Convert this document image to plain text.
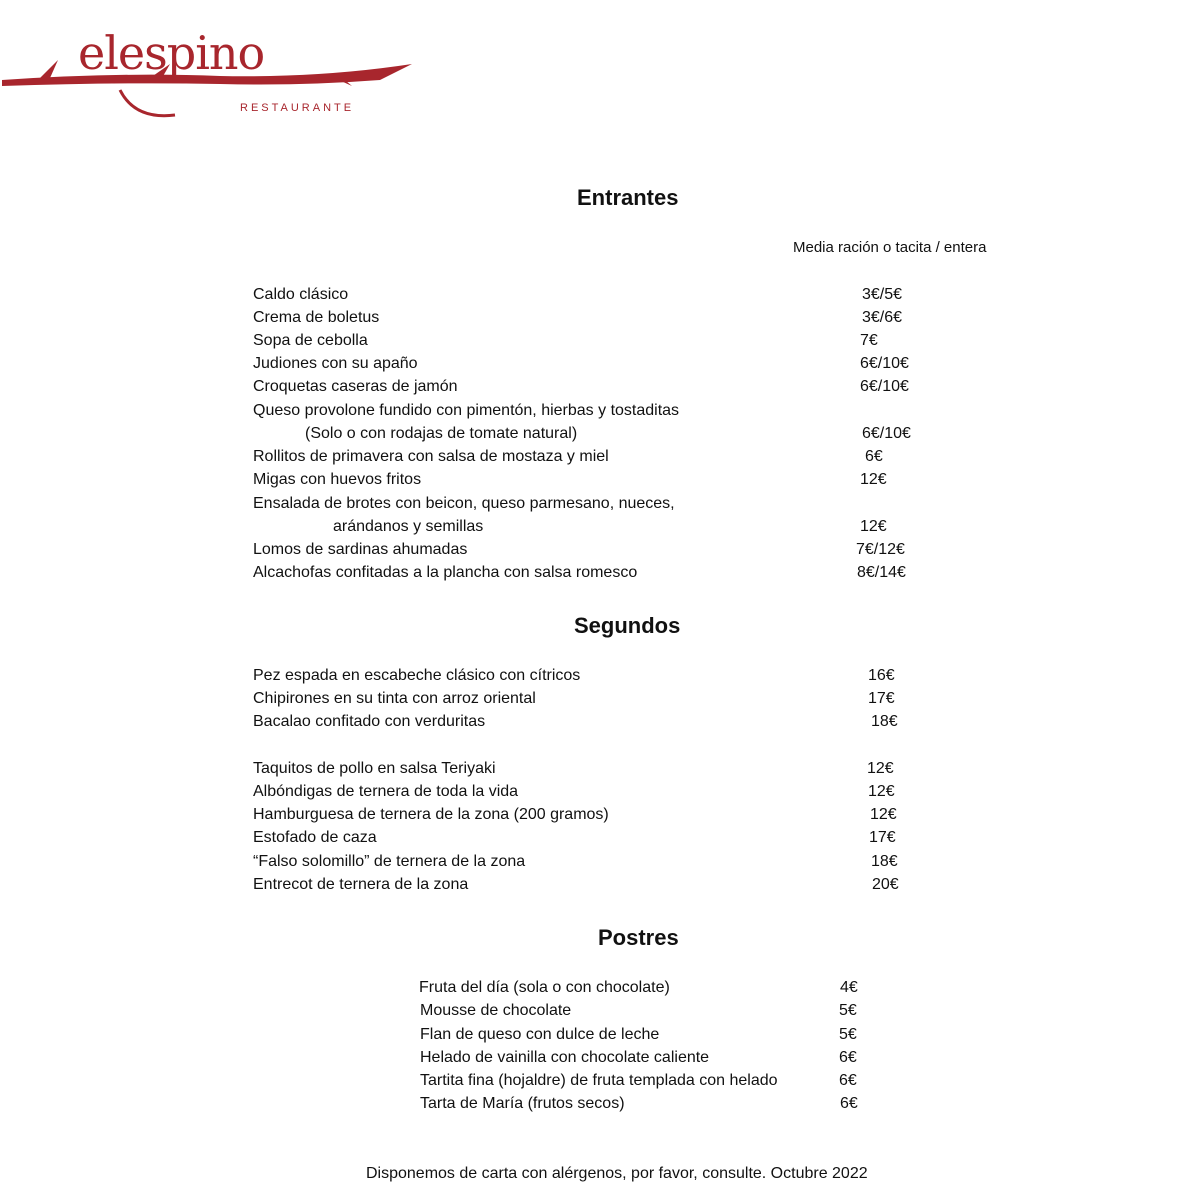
elespino
RESTAURANTE
Entrantes
Media ración o tacita / entera
Caldo clásico	3€/5€
Crema de boletus	3€/6€
Sopa de cebolla	7€
Judiones con su apaño	6€/10€
Croquetas caseras de jamón	6€/10€
Queso provolone fundido con pimentón, hierbas y tostaditas
(Solo o con rodajas de tomate natural)	6€/10€
Rollitos de primavera con salsa de mostaza y miel	6€
Migas con huevos fritos	12€
Ensalada de brotes con beicon, queso parmesano, nueces,
arándanos y semillas	12€
Lomos de sardinas ahumadas	7€/12€
Alcachofas confitadas a la plancha con salsa romesco	8€/14€
Segundos
Pez espada en escabeche clásico con cítricos	16€
Chipirones en su tinta con arroz oriental	17€
Bacalao confitado con verduritas	18€
Taquitos de pollo en salsa Teriyaki	12€
Albóndigas de ternera de toda la vida	12€
Hamburguesa de ternera de la zona (200 gramos)	12€
Estofado de caza	17€
“Falso solomillo” de ternera de la zona	18€
Entrecot de ternera de la zona	20€
Postres
Fruta del día (sola o con chocolate)	4€
Mousse de chocolate	5€
Flan de queso con dulce de leche	5€
Helado de vainilla con chocolate caliente	6€
Tartita fina (hojaldre) de fruta templada con helado	6€
Tarta de María (frutos secos)	6€
Disponemos de carta con alérgenos, por favor, consulte. Octubre 2022
